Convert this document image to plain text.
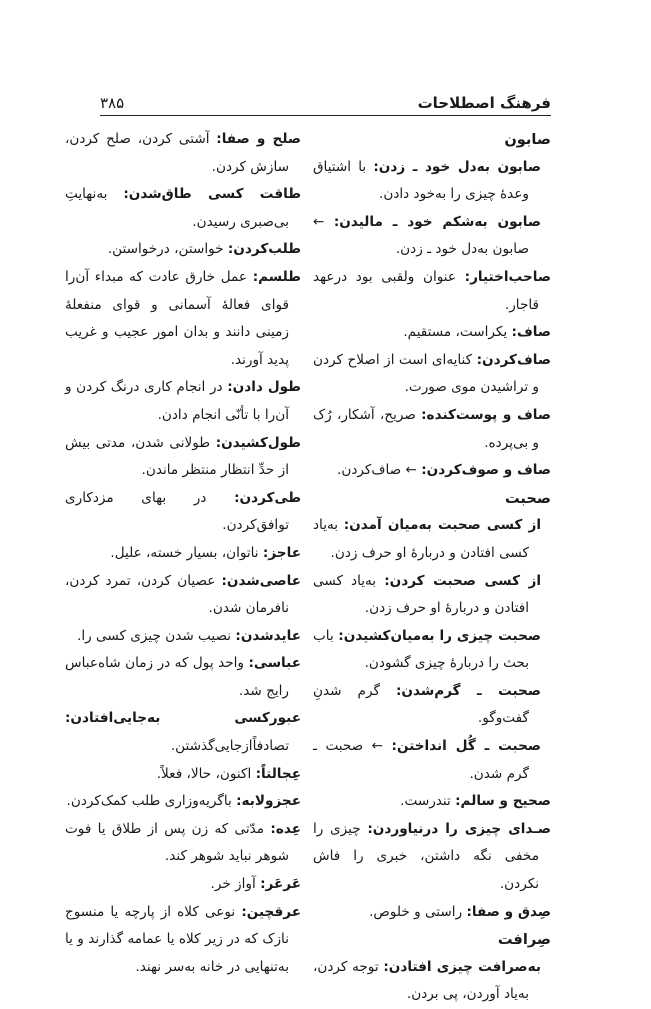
فرهنگ اصطلاحات
۳۸۵

صابون

صابون به‌دل خود ـ زدن: با اشتیاق وعدهٔ چیزی را به‌خود دادن.

صابون به‌شکم خود ـ مالیدن: ← صابون به‌دل خود ـ زدن.

صاحب‌اختیار: عنوان ولقبی بود درعهد قاجار.

صاف: یکراست، مستقیم.

صاف‌کردن: کنایه‌ای است از اصلاح کردن و تراشیدن موی صورت.

صاف و پوست‌کنده: صریح، آشکار، رُک و بی‌پرده.

صاف و صوف‌کردن: ← صاف‌کردن.

صحبت

از کسی صحبت به‌میان آمدن: به‌یاد کسی افتادن و دربارهٔ او حرف زدن.

از کسی صحبت کردن: به‌یاد کسی افتادن و دربارهٔ او حرف زدن.

صحبت چیزی را به‌میان‌کشیدن: باب بحث را دربارهٔ چیزی گشودن.

صحبت ـ گرم‌شدن: گرم شدنِ گفت‌وگو.

صحبت ـ گُل انداختن: ← صحبت ـ گرم شدن.

صحیح و سالم: تندرست.

صـدای چیزی را درنیاوردن: چیزی را مخفی نگه داشتن، خبری را فاش نکردن.

صِدق و صفا: راستی و خلوص.

صِرافت

به‌صرافت چیزی افتادن: توجه کردن، به‌یاد آوردن، پی بردن.

صلح و صفا: آشتی کردن، صلح کردن، سازش کردن.

طاقت کسی طاق‌شدن: به‌نهایتِ بی‌صبری رسیدن.

طلب‌کردن: خواستن، درخواستن.

طلسم: عمل خارق عادت که مبداء آن‌را قوای فعالهٔ آسمانی و قوای منفعلهٔ زمینی دانند و بدان امور عجیب و غریب پدید آورند.

طول دادن: در انجام کاری درنگ کردن و آن‌را با تأنّی انجام دادن.

طول‌کشیدن: طولانی شدن، مدتی بیش از حدِّ انتظار منتظر ماندن.

طی‌کردن: در بهای مزدکاری توافق‌کردن.

عاجز: ناتوان، بسیار خسته، علیل.

عاصی‌شدن: عصیان کردن، تمرد کردن، نافرمان شدن.

عایدشدن: نصیب شدن چیزی کسی را.

عباسی: واحد پول که در زمان شاه‌عباس رایج شد.

عبورکسی به‌جایی‌افتادن: تصادفاًازجایی‌گذشتن.

عِجالتاً: اکنون، حالا، فعلاً.

عجزولابه: باگریه‌وزاری طلب کمک‌کردن.

عِده: مدّتی که زن پس از طلاق یا فوت شوهر نباید شوهر کند.

عَرعَر: آواز خر.

عرقچین: نوعی کلاه از پارچه یا منسوج نازک که در زیر کلاه یا عمامه گذارند و یا به‌تنهایی در خانه به‌سر نهند.
